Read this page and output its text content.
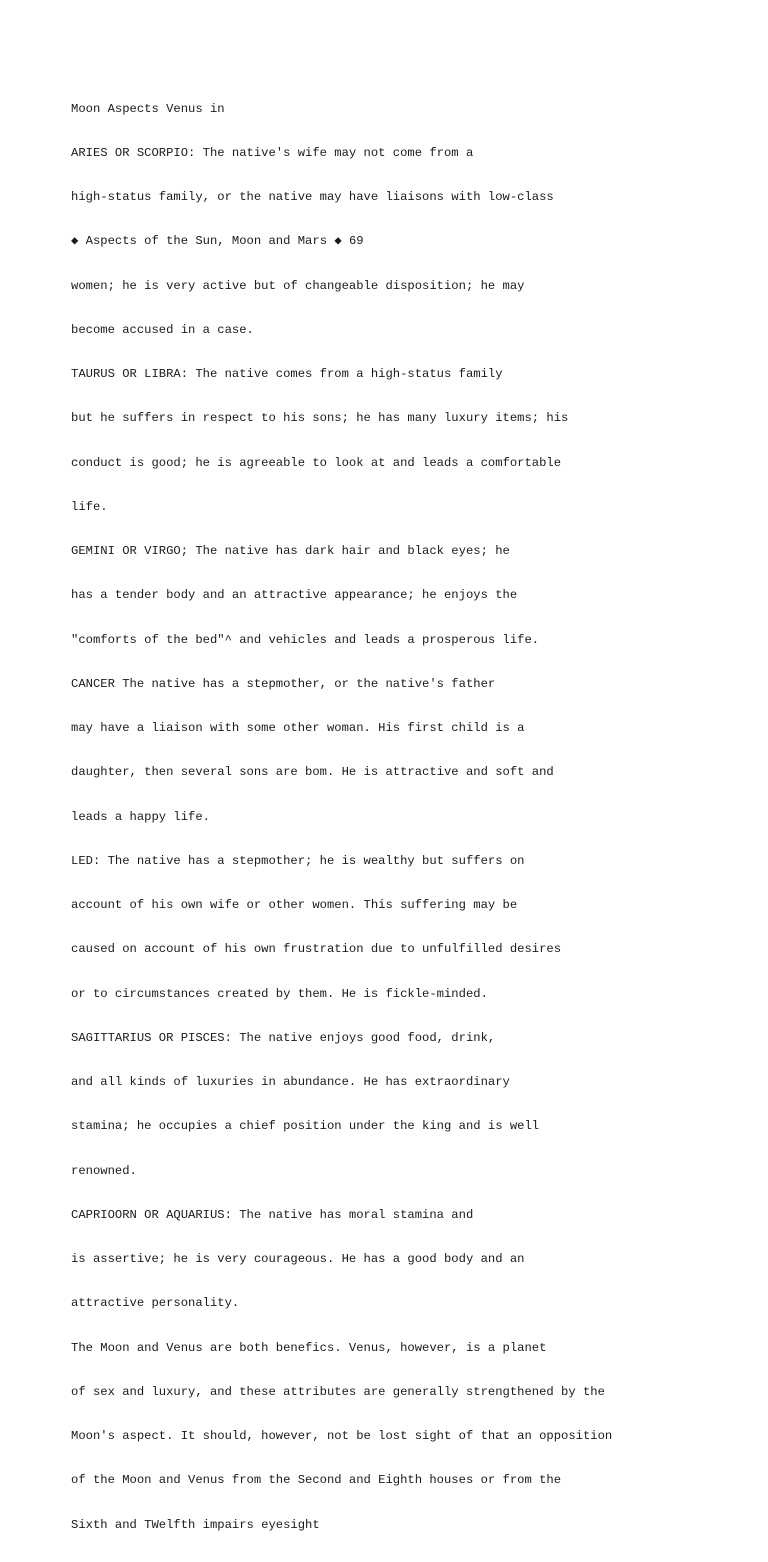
Moon Aspects Venus in

ARIES OR SCORPIO: The native's wife may not come from a

high-status family, or the native may have liaisons with low-class

◆ Aspects of the Sun, Moon and Mars ◆ 69

women; he is very active but of changeable disposition; he may

become accused in a case.

TAURUS OR LIBRA: The native comes from a high-status family

but he suffers in respect to his sons; he has many luxury items; his

conduct is good; he is agreeable to look at and leads a comfortable

life.

GEMINI OR VIRGO; The native has dark hair and black eyes; he

has a tender body and an attractive appearance; he enjoys the

"comforts of the bed"^ and vehicles and leads a prosperous life.

CANCER The native has a stepmother, or the native's father

may have a liaison with some other woman. His first child is a

daughter, then several sons are bom. He is attractive and soft and

leads a happy life.

LED: The native has a stepmother; he is wealthy but suffers on

account of his own wife or other women. This suffering may be

caused on account of his own frustration due to unfulfilled desires

or to circumstances created by them. He is fickle-minded.

SAGITTARIUS OR PISCES: The native enjoys good food, drink,

and all kinds of luxuries in abundance. He has extraordinary

stamina; he occupies a chief position under the king and is well

renowned.

CAPRIOORN OR AQUARIUS: The native has moral stamina and

is assertive; he is very courageous. He has a good body and an

attractive personality.

The Moon and Venus are both benefics. Venus, however, is a planet

of sex and luxury, and these attributes are generally strengthened by the

Moon's aspect. It should, however, not be lost sight of that an opposition

of the Moon and Venus from the Second and Eighth houses or from the

Sixth and TWelfth impairs eyesight
